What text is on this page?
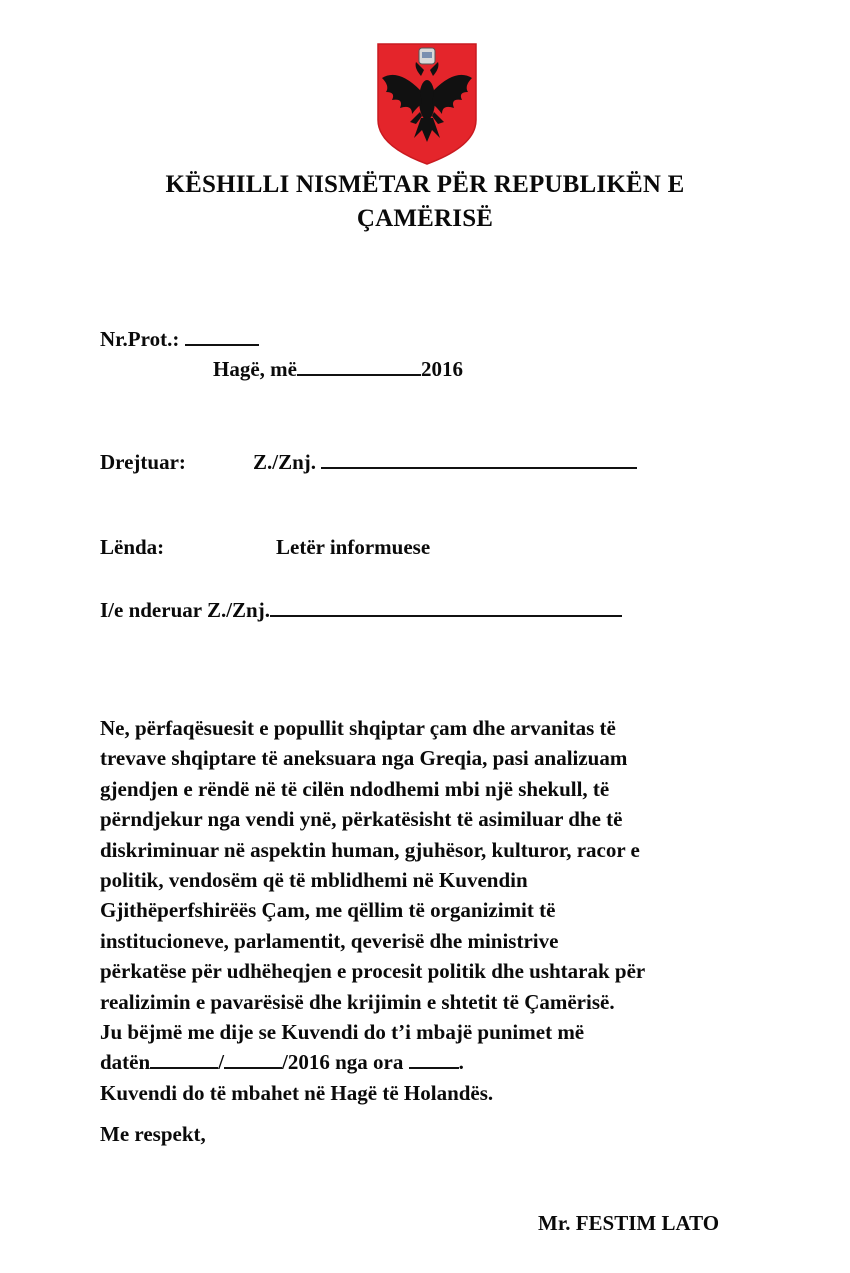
KËSHILLI NISMËTAR PËR REPUBLIKËN E
ÇAMËRISË
Nr.Prot.:
Hagë, më	2016
Drejtuar:	Z./Znj.
Lënda:	Letër informuese
I/e nderuar Z./Znj.
Ne, përfaqësuesit e popullit shqiptar çam dhe arvanitas të
trevave shqiptare të aneksuara nga Greqia, pasi analizuam
gjendjen e rëndë në të cilën ndodhemi mbi një shekull, të
përndjekur nga vendi ynë, përkatësisht të asimiluar dhe të
diskriminuar në aspektin human, gjuhësor, kulturor, racor e
politik, vendosëm që të mblidhemi në Kuvendin
Gjithëperfshirëës Çam, me qëllim të organizimit të
institucioneve, parlamentit, qeverisë dhe ministrive
përkatëse për udhëheqjen e procesit politik dhe ushtarak për
realizimin e pavarësisë dhe krijimin e shtetit të Çamërisë.
Ju bëjmë me dije se Kuvendi do t’i mbajë punimet më
datën	/	/2016 nga ora	.
Kuvendi do të mbahet në Hagë të Holandës.
Me respekt,
Mr. FESTIM LATO
